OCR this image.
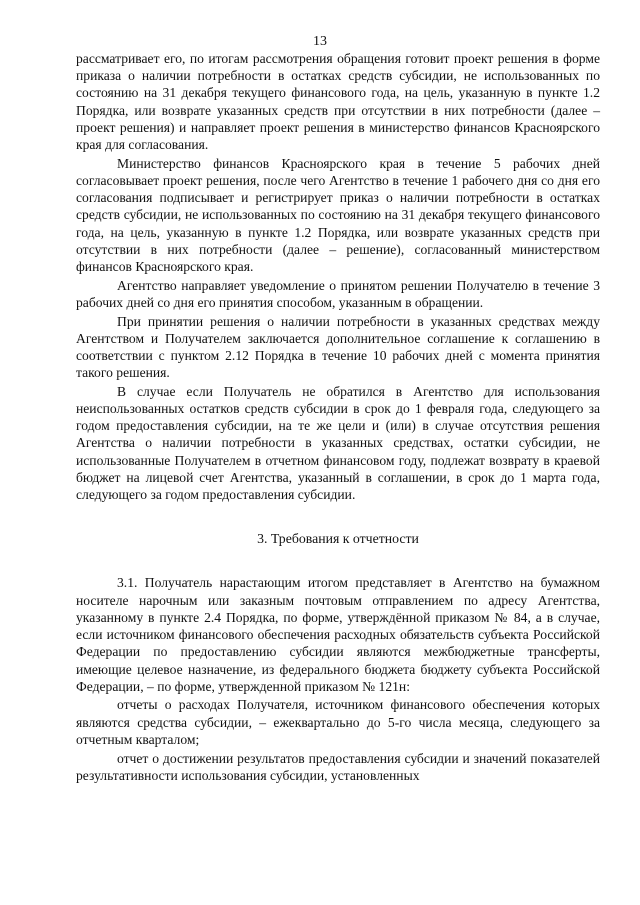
13

рассматривает его, по итогам рассмотрения обращения готовит проект решения в форме приказа о наличии потребности в остатках средств субсидии, не использованных по состоянию на 31 декабря текущего финансового года, на цель, указанную в пункте 1.2 Порядка, или возврате указанных средств при отсутствии в них потребности (далее – проект решения) и направляет проект решения в министерство финансов Красноярского края для согласования.

Министерство финансов Красноярского края в течение 5 рабочих дней согласовывает проект решения, после чего Агентство в течение 1 рабочего дня со дня его согласования подписывает и регистрирует приказ о наличии потребности в остатках средств субсидии, не использованных по состоянию на 31 декабря текущего финансового года, на цель, указанную в пункте 1.2 Порядка, или возврате указанных средств при отсутствии в них потребности (далее – решение), согласованный министерством финансов Красноярского края.

Агентство направляет уведомление о принятом решении Получателю в течение 3 рабочих дней со дня его принятия способом, указанным в обращении.

При принятии решения о наличии потребности в указанных средствах между Агентством и Получателем заключается дополнительное соглашение к соглашению в соответствии с пунктом 2.12 Порядка в течение 10 рабочих дней с момента принятия такого решения.

В случае если Получатель не обратился в Агентство для использования неиспользованных остатков средств субсидии в срок до 1 февраля года, следующего за годом предоставления субсидии, на те же цели и (или) в случае отсутствия решения Агентства о наличии потребности в указанных средствах, остатки субсидии, не использованные Получателем в отчетном финансовом году, подлежат возврату в краевой бюджет на лицевой счет Агентства, указанный в соглашении, в срок до 1 марта года, следующего за годом предоставления субсидии.

3. Требования к отчетности

3.1. Получатель нарастающим итогом представляет в Агентство на бумажном носителе нарочным или заказным почтовым отправлением по адресу Агентства, указанному в пункте 2.4 Порядка, по форме, утверждённой приказом № 84, а в случае, если источником финансового обеспечения расходных обязательств субъекта Российской Федерации по предоставлению субсидии являются межбюджетные трансферты, имеющие целевое назначение, из федерального бюджета бюджету субъекта Российской Федерации, – по форме, утвержденной приказом № 121н:

отчеты о расходах Получателя, источником финансового обеспечения которых являются средства субсидии, – ежеквартально до 5-го числа месяца, следующего за отчетным кварталом;

отчет о достижении результатов предоставления субсидии и значений показателей результативности использования субсидии, установленных
